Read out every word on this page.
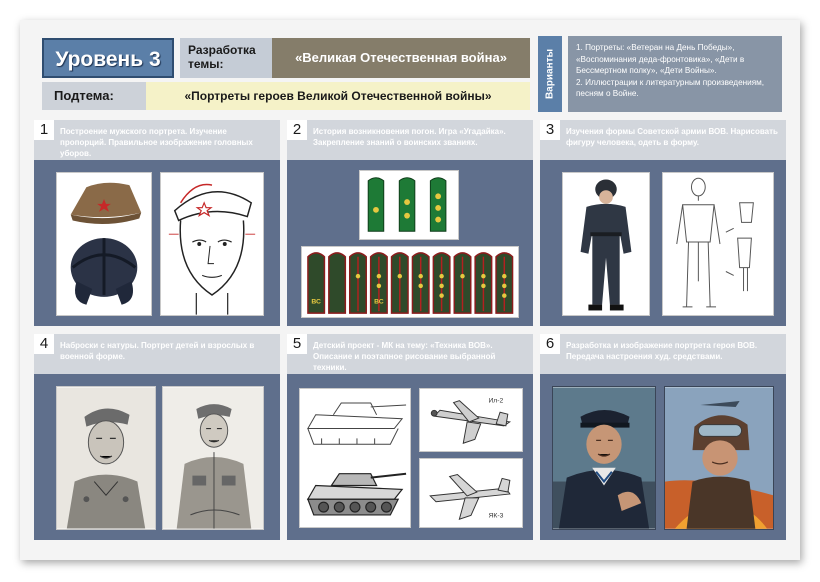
Уровень 3	Разработка темы:	«Великая Отечественная война»
Подтема:	«Портреты героев Великой Отечественной войны»	Варианты
1. Портреты: «Ветеран на День Победы», «Воспоминания деда-фронтовика», «Дети в Бессмертном полку», «Дети Войны».
2. Иллюстрации к литературным произведениям, песням о Войне.
1	Построение мужского портрета. Изучение пропорций. Правильное изображение головных уборов.
2	История возникновения погон. Игра «Угадайка». Закрепление знаний о воинских званиях.
ВС	ВС
3	Изучения формы Советской армии ВОВ. Нарисовать фигуру человека, одеть в форму.
4	Наброски с натуры. Портрет детей и взрослых в военной форме.
5	Детский проект - МК на тему: «Техника ВОВ». Описание и поэтапное рисование выбранной техники.
Ил-2
ЯК-3
6	Разработка и изображение портрета героя ВОВ. Передача настроения худ. средствами.
